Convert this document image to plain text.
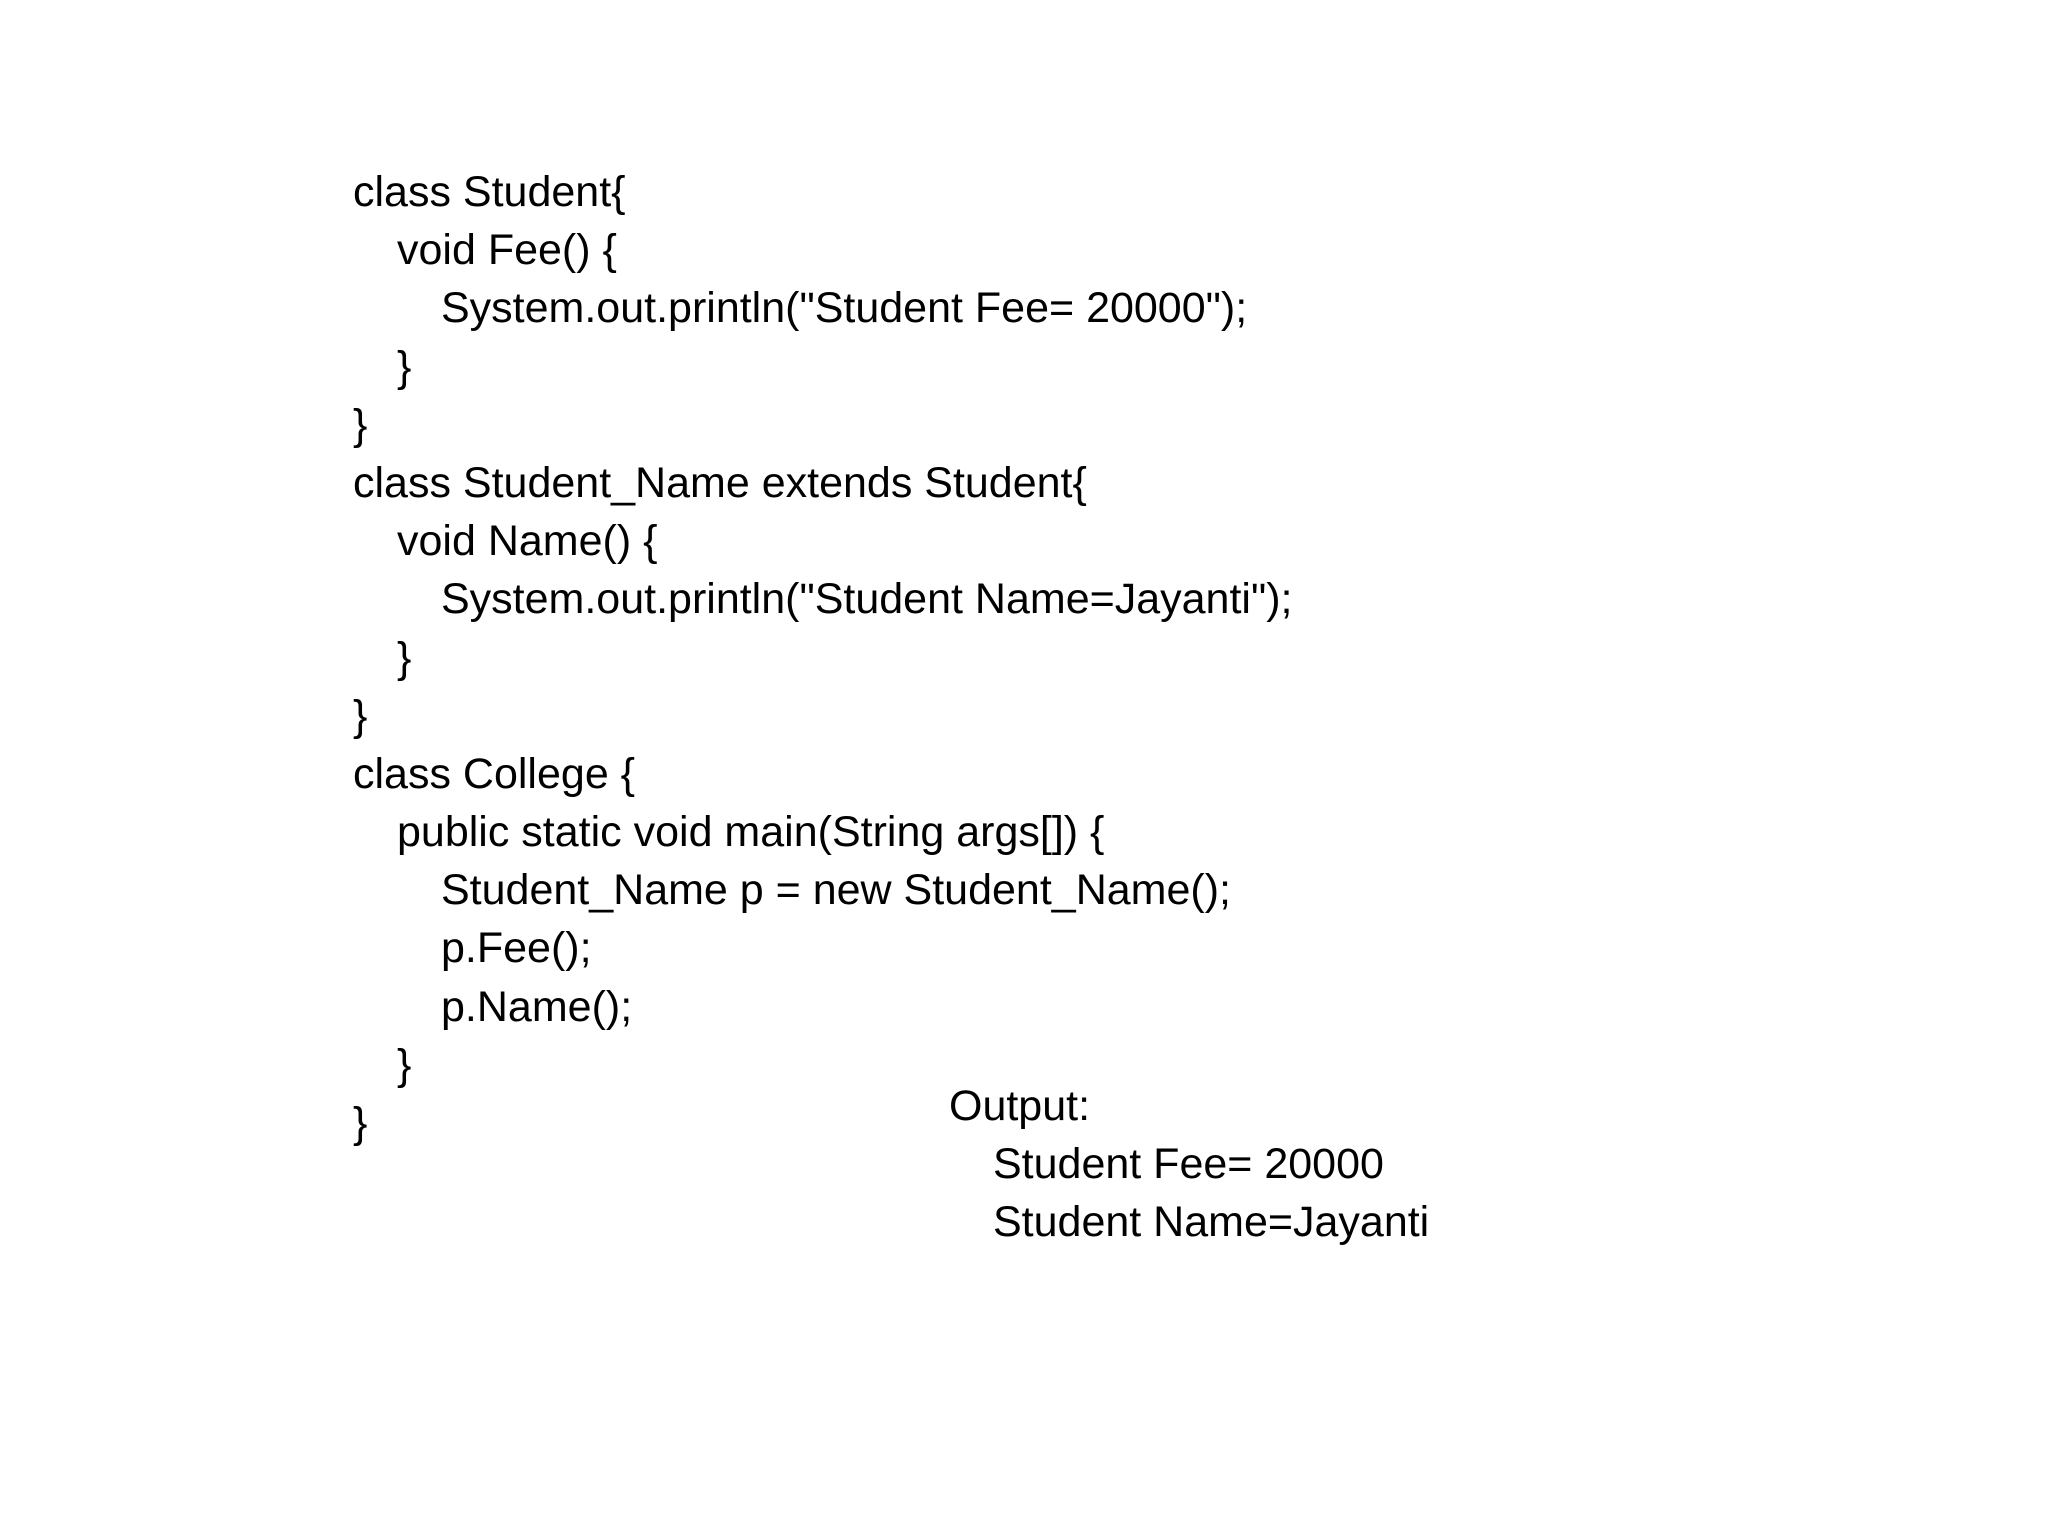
class Student{
void Fee() {
System.out.println("Student Fee= 20000");
}
}
class Student_Name extends Student{
void Name() {
System.out.println("Student Name=Jayanti");
}
}
class College {
public static void main(String args[]) {
Student_Name p = new Student_Name();
p.Fee();
p.Name();
}
}	Output:
Student Fee= 20000
Student Name=Jayanti
